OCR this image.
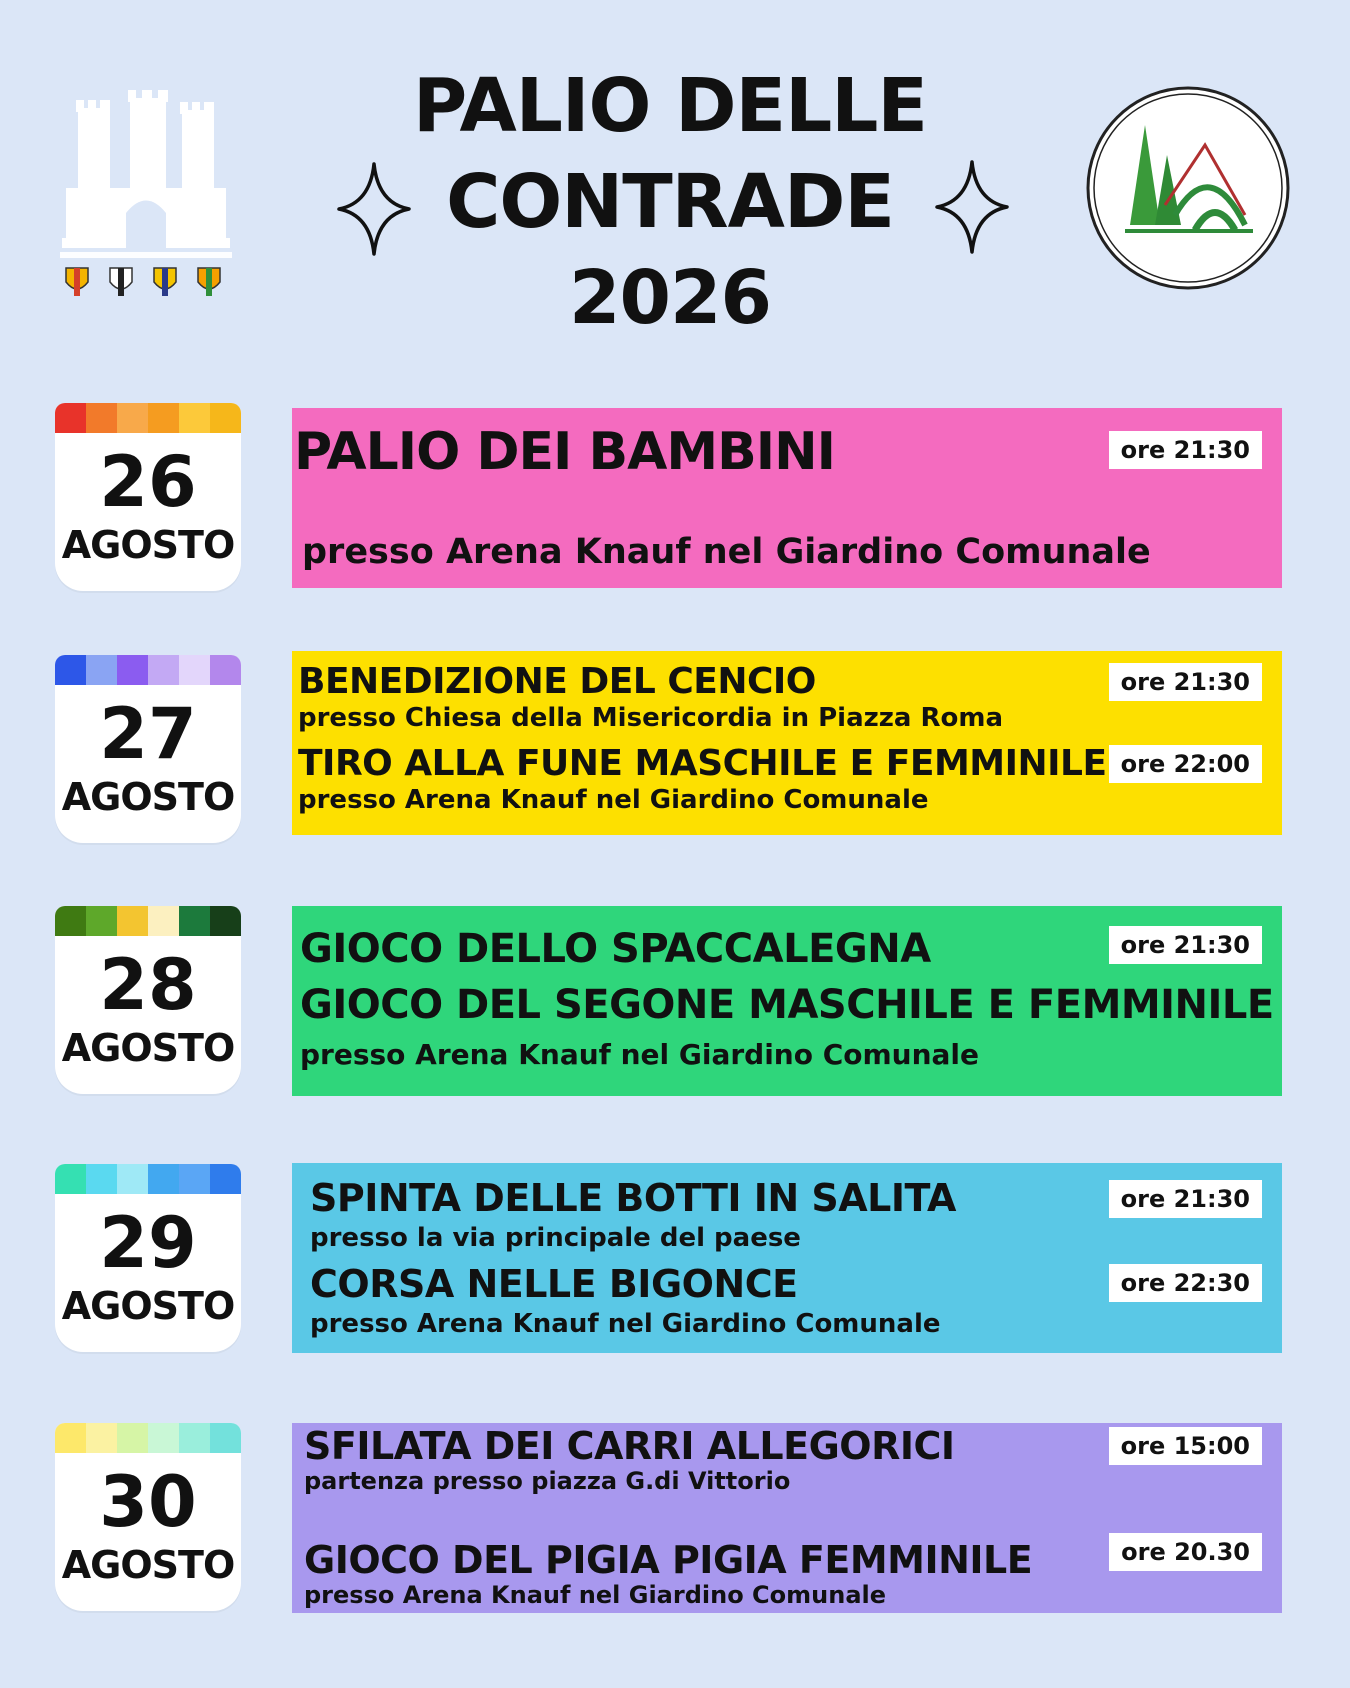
PALIO DELLE
CONTRADE
2026
26
AGOSTO
PALIO DEI BAMBINI	ore 21:30
presso Arena Knauf nel Giardino Comunale
27
AGOSTO
BENEDIZIONE DEL CENCIO	ore 21:30
presso Chiesa della Misericordia in Piazza Roma
TIRO ALLA FUNE MASCHILE E FEMMINILE ore 22:00
presso Arena Knauf nel Giardino Comunale
28
AGOSTO
GIOCO DELLO SPACCALEGNA	ore 21:30
GIOCO DEL SEGONE MASCHILE E FEMMINILE
presso Arena Knauf nel Giardino Comunale
29
AGOSTO
SPINTA DELLE BOTTI IN SALITA	ore 21:30
presso la via principale del paese
CORSA NELLE BIGONCE	ore 22:30
presso Arena Knauf nel Giardino Comunale
30
AGOSTO
SFILATA DEI CARRI ALLEGORICI	ore 15:00
partenza presso piazza G.di Vittorio
GIOCO DEL PIGIA PIGIA FEMMINILE	ore 20.30
presso Arena Knauf nel Giardino Comunale
